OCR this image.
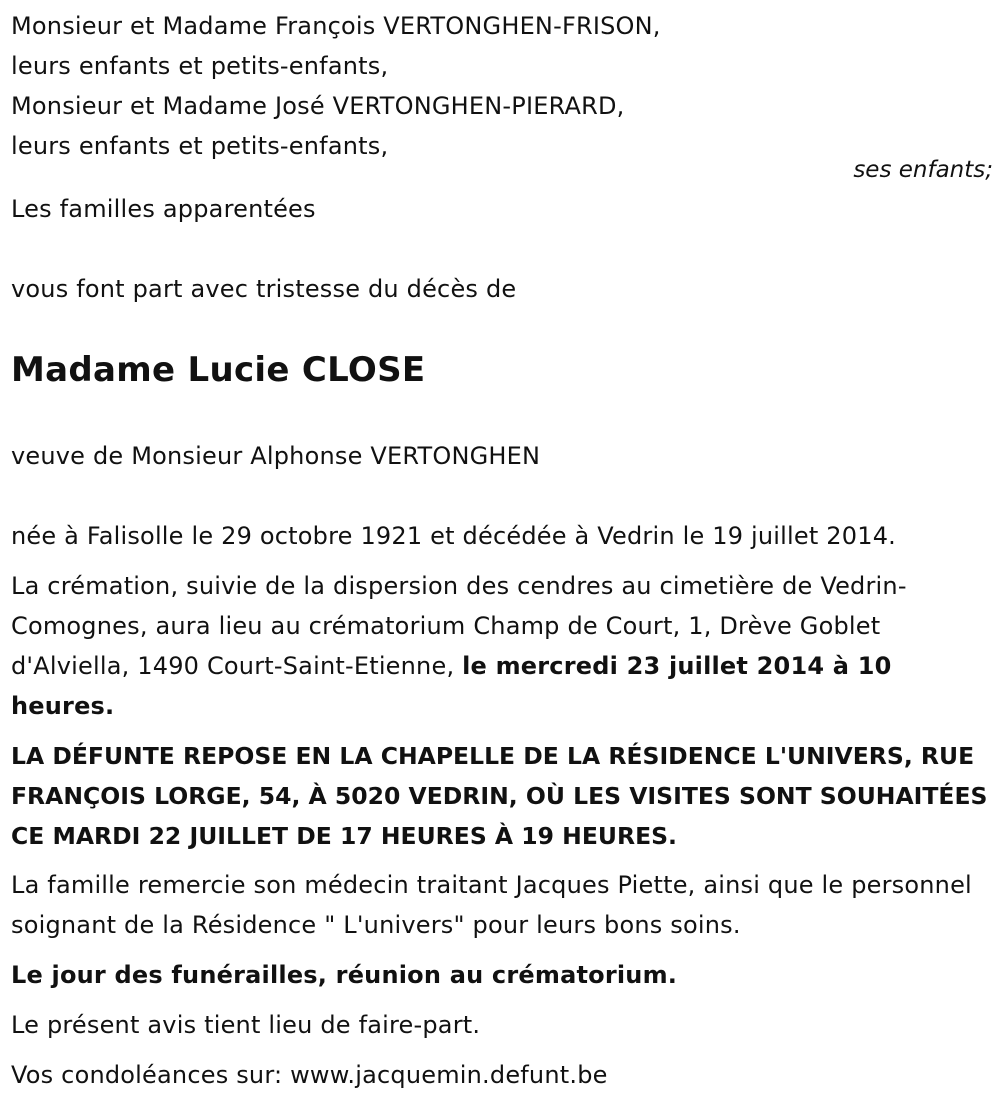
Monsieur et Madame François VERTONGHEN-FRISON,
leurs enfants et petits-enfants,
Monsieur et Madame José VERTONGHEN-PIERARD,
leurs enfants et petits-enfants,
ses enfants;
Les familles apparentées
vous font part avec tristesse du décès de
Madame Lucie CLOSE
veuve de Monsieur Alphonse VERTONGHEN
née à Falisolle le 29 octobre 1921 et décédée à Vedrin le 19 juillet 2014.
La crémation, suivie de la dispersion des cendres au cimetière de Vedrin-Comognes, aura lieu au crématorium Champ de Court, 1, Drève Goblet d'Alviella, 1490 Court-Saint-Etienne, le mercredi 23 juillet 2014 à 10 heures.
LA DÉFUNTE REPOSE EN LA CHAPELLE DE LA RÉSIDENCE L'UNIVERS, RUE FRANÇOIS LORGE, 54, À 5020 VEDRIN, OÙ LES VISITES SONT SOUHAITÉES CE MARDI 22 JUILLET DE 17 HEURES À 19 HEURES.
La famille remercie son médecin traitant Jacques Piette, ainsi que le personnel soignant de la Résidence " L'univers" pour leurs bons soins.
Le jour des funérailles, réunion au crématorium.
Le présent avis tient lieu de faire-part.
Vos condoléances sur: www.jacquemin.defunt.be
